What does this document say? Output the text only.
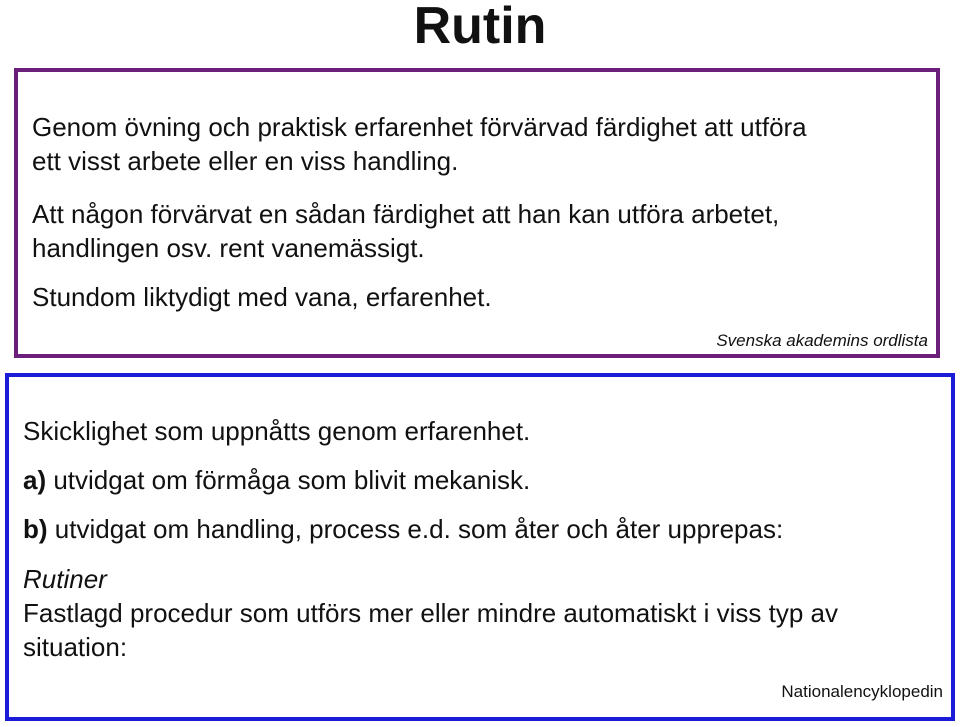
Rutin
Genom övning och praktisk erfarenhet förvärvad färdighet att utföra
ett visst arbete eller en viss handling.
Att någon förvärvat en sådan färdighet att han kan utföra arbetet,
handlingen osv. rent vanemässigt.
Stundom liktydigt med vana, erfarenhet.
Svenska akademins ordlista
Skicklighet som uppnåtts genom erfarenhet.
a) utvidgat om förmåga som blivit mekanisk.
b) utvidgat om handling, process e.d. som åter och åter upprepas:
Rutiner
Fastlagd procedur som utförs mer eller mindre automatiskt i viss typ av
situation:
Nationalencyklopedin
